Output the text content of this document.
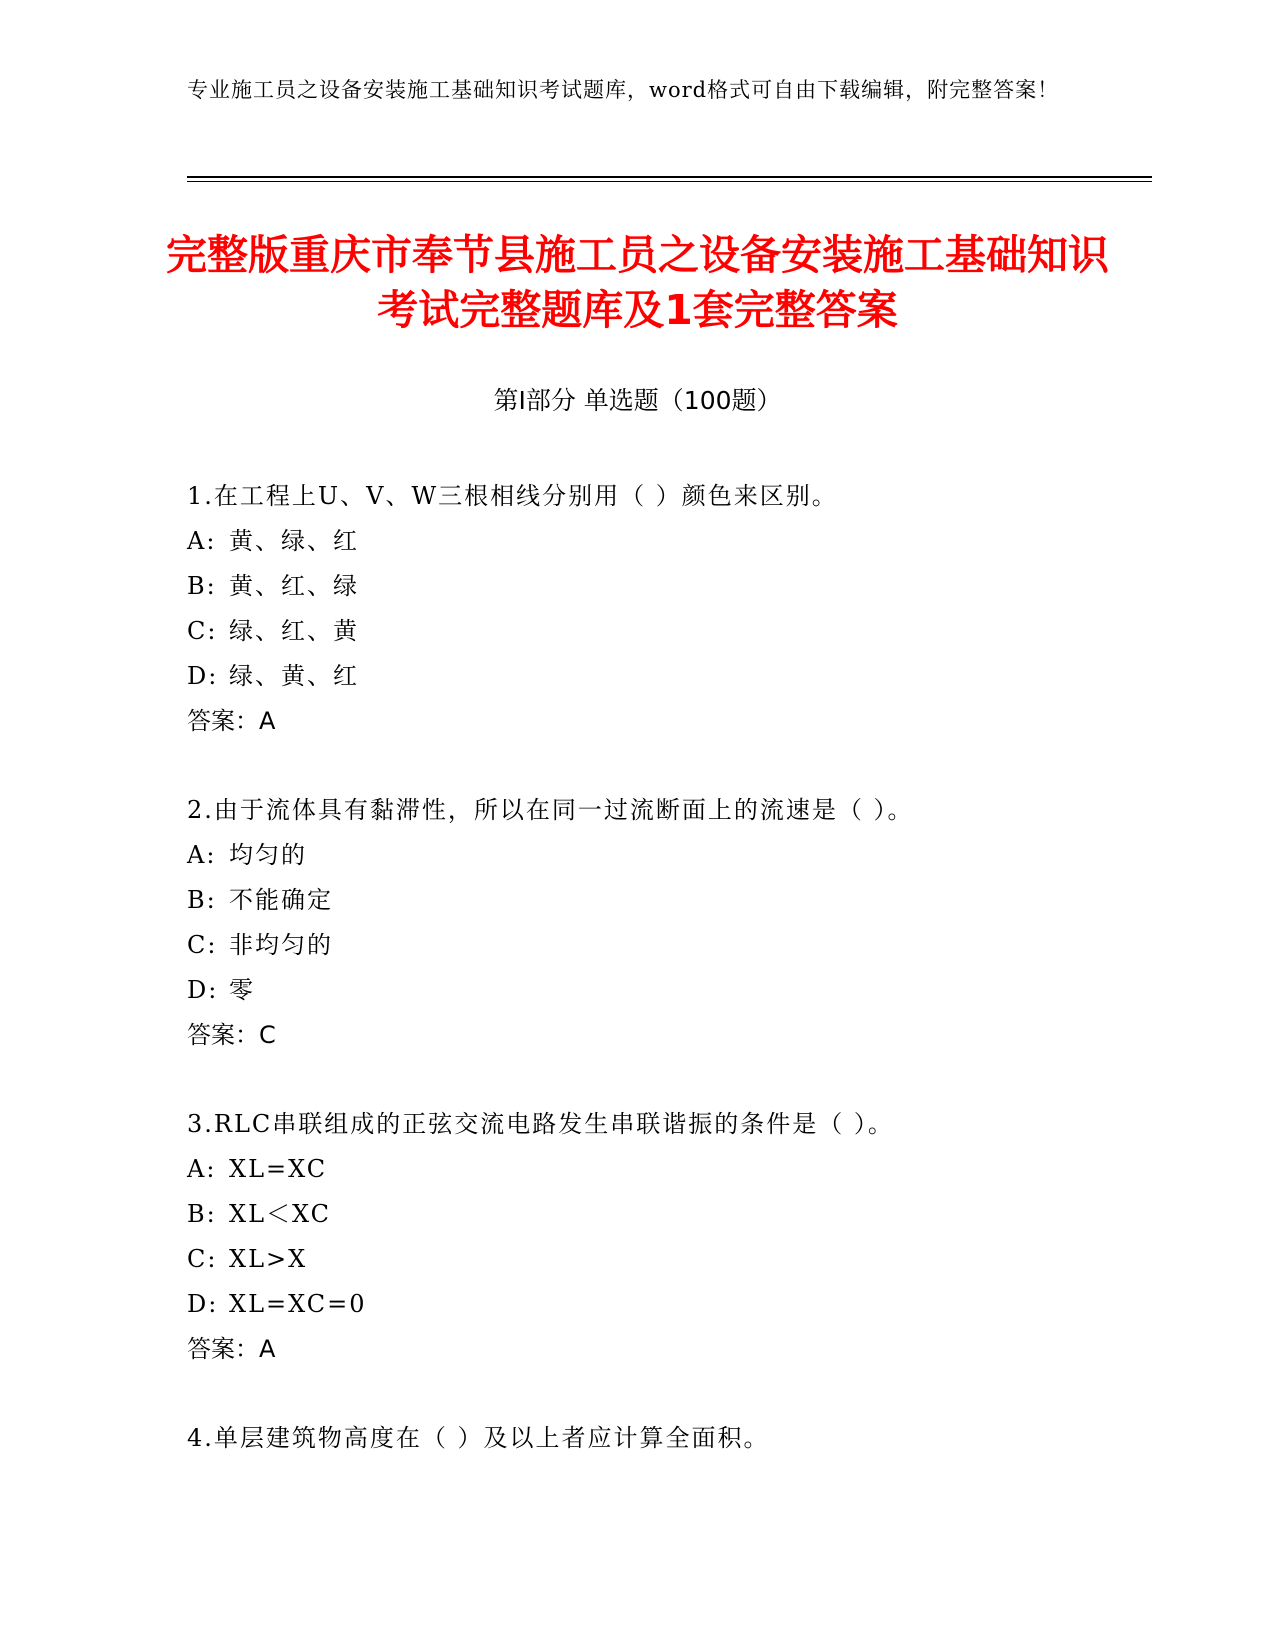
专业施工员之设备安装施工基础知识考试题库，word格式可自由下载编辑，附完整答案！
完整版重庆市奉节县施工员之设备安装施工基础知识考试完整题库及1套完整答案
第Ⅰ部分 单选题（100题）
1.在工程上U、V、W三根相线分别用（ ）颜色来区别。
A: 黄、绿、红
B: 黄、红、绿
C: 绿、红、黄
D: 绿、黄、红
答案：A
2.由于流体具有黏滞性，所以在同一过流断面上的流速是（ ）。
A: 均匀的
B: 不能确定
C: 非均匀的
D: 零
答案：C
3.RLC串联组成的正弦交流电路发生串联谐振的条件是（ ）。
A: XL=XC
B: XL＜XC
C: XL>X
D: XL=XC=0
答案：A
4.单层建筑物高度在（ ）及以上者应计算全面积。
